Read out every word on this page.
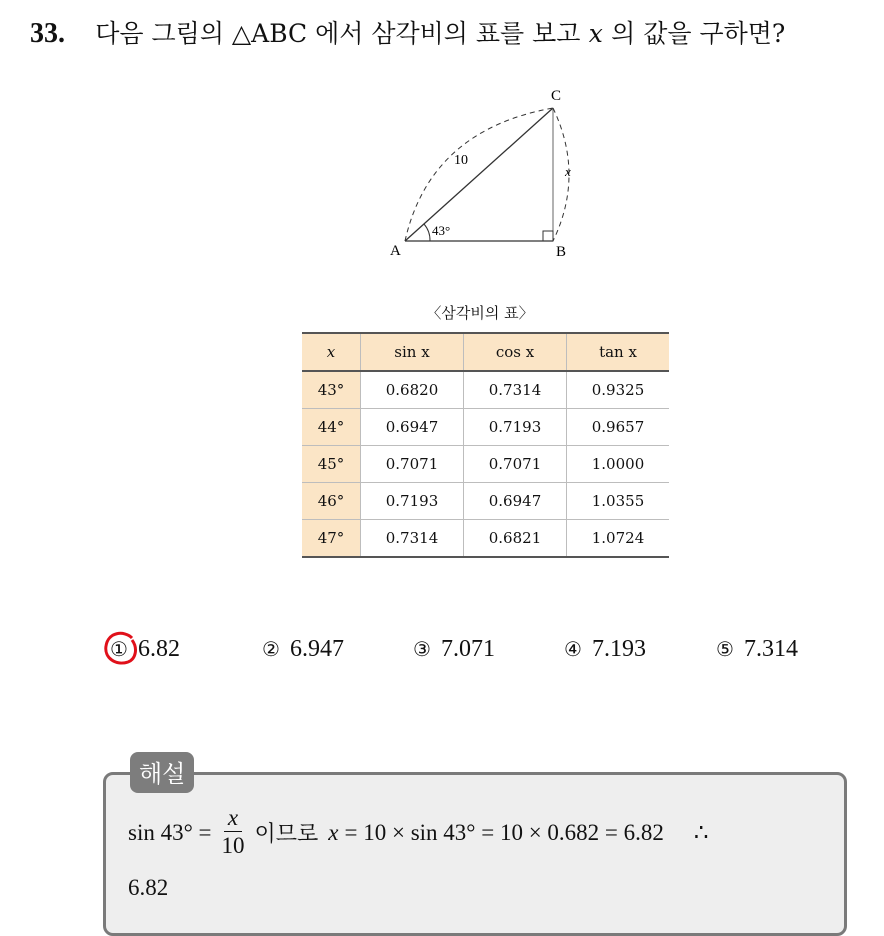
33. 다음 그림의 △ABC 에서 삼각비의 표를 보고 x 의 값을 구하면?
A	B
C
10
43°
x
〈삼각비의 표〉
x	sin x	cos x	tan x
43°	0.6820	0.7314	0.9325
44°	0.6947	0.7193	0.9657
45°	0.7071	0.7071	1.0000
46°	0.7193	0.6947	1.0355
47°	0.7314	0.6821	1.0724
① 6.82	② 6.947	③ 7.071	④ 7.193	⑤ 7.314
$\sin 43^\circ = \frac{x}{10}$ 이므로 x = 10 × sin 43° = 10 × 0.682 = 6.82 ∴
6.82
해설
